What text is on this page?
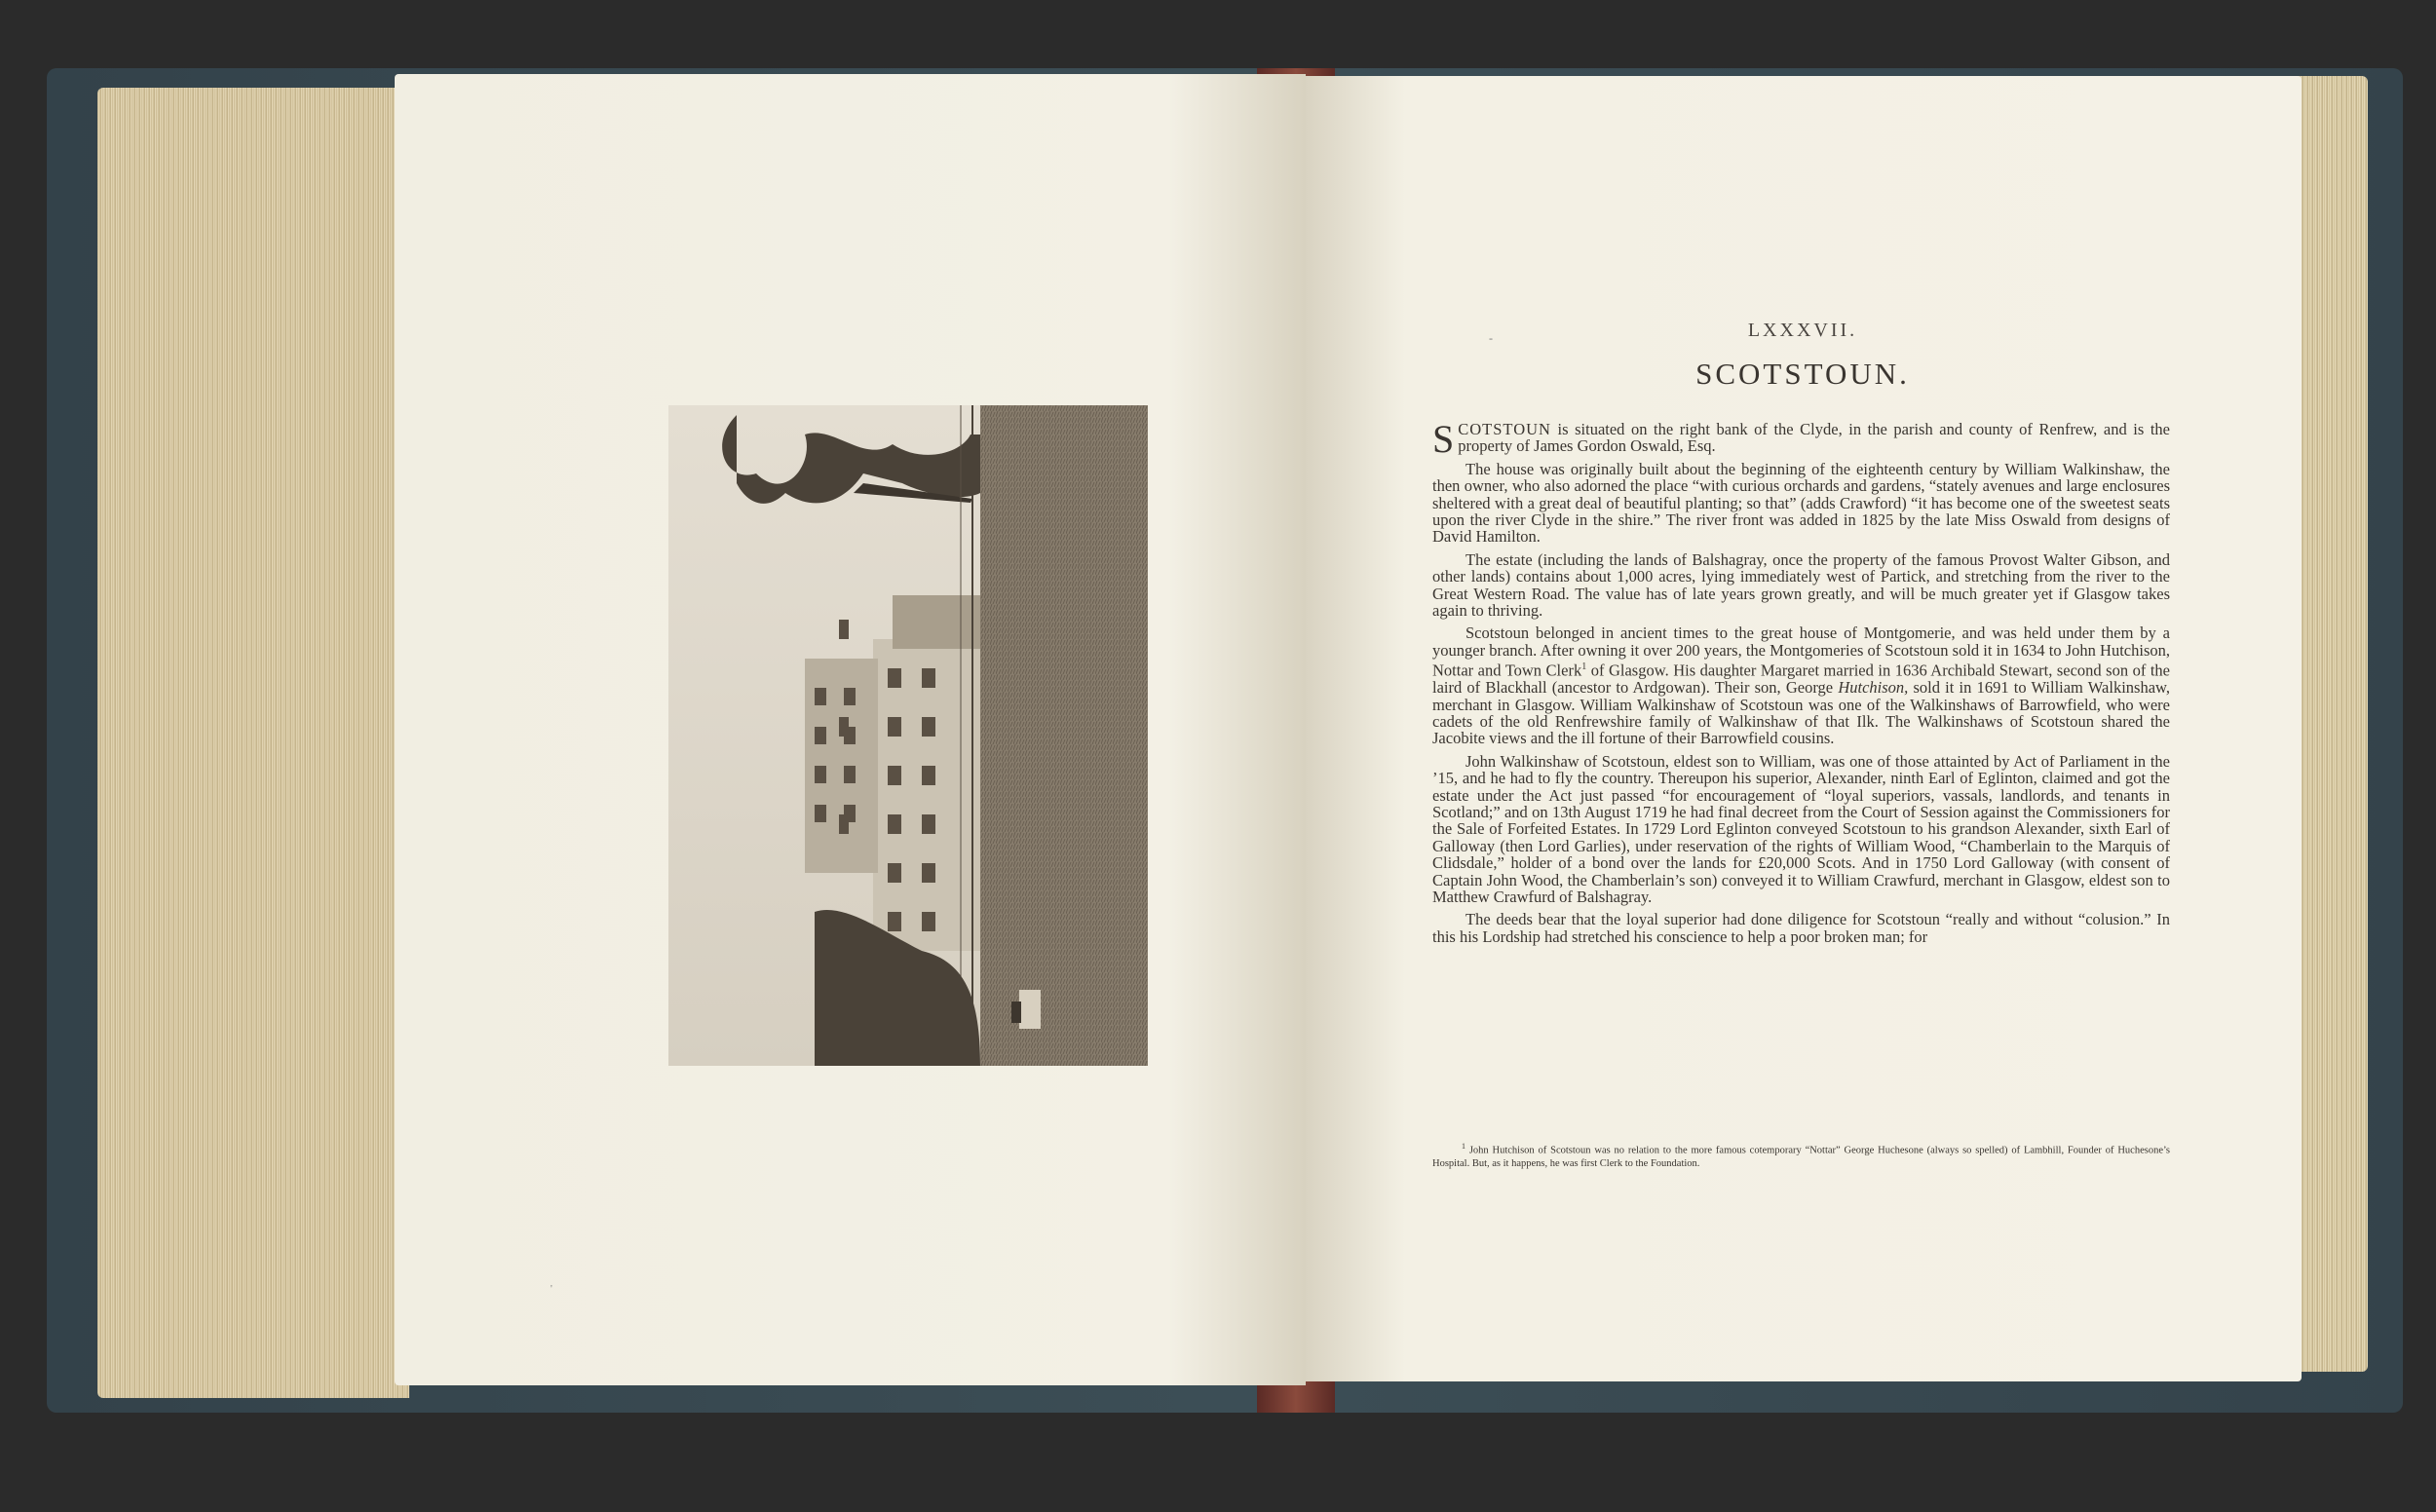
-
'
LXXXVII.
SCOTSTOUN.

SCOTSTOUN is situated on the right bank of the Clyde, in the parish and county of Renfrew, and is the property of James Gordon Oswald, Esq.

The house was originally built about the beginning of the eighteenth century by William Walkinshaw, the then owner, who also adorned the place “with curious orchards and gardens, “stately avenues and large enclosures sheltered with a great deal of beautiful planting; so that” (adds Crawford) “it has become one of the sweetest seats upon the river Clyde in the shire.” The river front was added in 1825 by the late Miss Oswald from designs of David Hamilton.

The estate (including the lands of Balshagray, once the property of the famous Provost Walter Gibson, and other lands) contains about 1,000 acres, lying immediately west of Partick, and stretching from the river to the Great Western Road. The value has of late years grown greatly, and will be much greater yet if Glasgow takes again to thriving.

Scotstoun belonged in ancient times to the great house of Montgomerie, and was held under them by a younger branch. After owning it over 200 years, the Montgomeries of Scotstoun sold it in 1634 to John Hutchison, Nottar and Town Clerk$^1$ of Glasgow. His daughter Margaret married in 1636 Archibald Stewart, second son of the laird of Blackhall (ancestor to Ardgowan). Their son, George Hutchison, sold it in 1691 to William Walkinshaw, merchant in Glasgow. William Walkinshaw of Scotstoun was one of the Walkinshaws of Barrowfield, who were cadets of the old Renfrewshire family of Walkinshaw of that Ilk. The Walkinshaws of Scotstoun shared the Jacobite views and the ill fortune of their Barrowfield cousins.

John Walkinshaw of Scotstoun, eldest son to William, was one of those attainted by Act of Parliament in the ’15, and he had to fly the country. Thereupon his superior, Alexander, ninth Earl of Eglinton, claimed and got the estate under the Act just passed “for encouragement of “loyal superiors, vassals, landlords, and tenants in Scotland;” and on 13th August 1719 he had final decreet from the Court of Session against the Commissioners for the Sale of Forfeited Estates. In 1729 Lord Eglinton conveyed Scotstoun to his grandson Alexander, sixth Earl of Galloway (then Lord Garlies), under reservation of the rights of William Wood, “Chamberlain to the Marquis of Clidsdale,” holder of a bond over the lands for £20,000 Scots. And in 1750 Lord Galloway (with consent of Captain John Wood, the Chamberlain’s son) conveyed it to William Crawfurd, merchant in Glasgow, eldest son to Matthew Crawfurd of Balshagray.

The deeds bear that the loyal superior had done diligence for Scotstoun “really and without “colusion.” In this his Lordship had stretched his conscience to help a poor broken man; for

$^1$ John Hutchison of Scotstoun was no relation to the more famous cotemporary “Nottar” George Huchesone (always so spelled) of Lambhill, Founder of Huchesone’s Hospital. But, as it happens, he was first Clerk to the Foundation.
